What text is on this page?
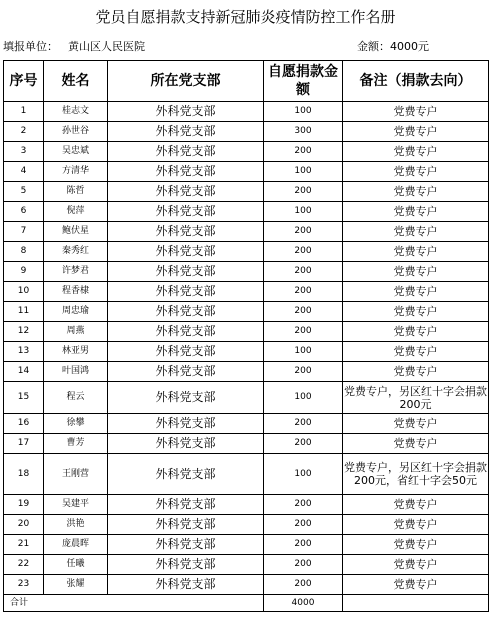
党员自愿捐款支持新冠肺炎疫情防控工作名册
填报单位： 黄山区人民医院	金额：4000元
序号	姓名	所在党支部	自愿捐款金额	备注（捐款去向）
1	桂志文	外科党支部	100	党费专户
2	孙世谷	外科党支部	300	党费专户
3	吴忠斌	外科党支部	200	党费专户
4	方清华	外科党支部	100	党费专户
5	陈哲	外科党支部	200	党费专户
6	倪萍	外科党支部	100	党费专户
7	鲍伏星	外科党支部	200	党费专户
8	秦秀红	外科党支部	200	党费专户
9	许梦君	外科党支部	200	党费专户
10	程香棣	外科党支部	200	党费专户
11	周忠瑜	外科党支部	200	党费专户
12	周燕	外科党支部	200	党费专户
13	林亚男	外科党支部	100	党费专户
14	叶国鸿	外科党支部	200	党费专户
15	程云	外科党支部	100	党费专户，另区红十字会捐款200元
16	徐攀	外科党支部	200	党费专户
17	曹芳	外科党支部	200	党费专户
18	王刚营	外科党支部	100	党费专户，另区红十字会捐款200元，省红十字会50元
19	吴建平	外科党支部	200	党费专户
20	洪艳	外科党支部	200	党费专户
21	庞晨晖	外科党支部	200	党费专户
22	任曦	外科党支部	200	党费专户
23	张耀	外科党支部	200	党费专户
合计			4000	
